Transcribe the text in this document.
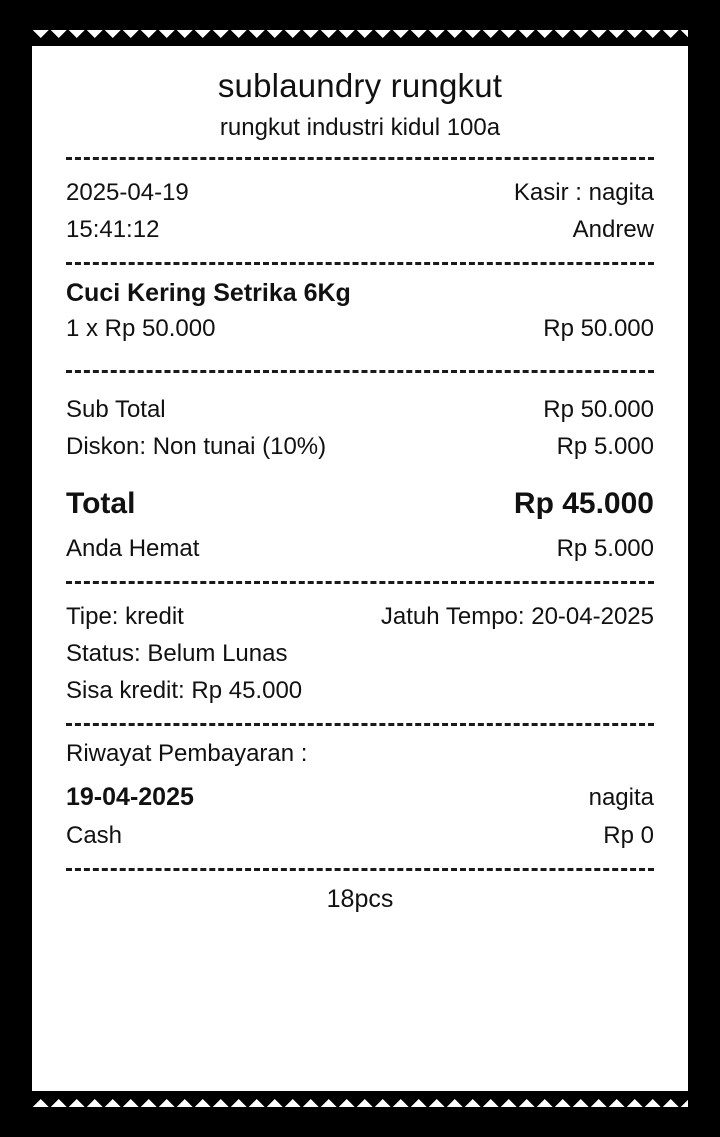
sublaundry rungkut
rungkut industri kidul 100a
2025-04-19	Kasir : nagita
15:41:12	Andrew
Cuci Kering Setrika 6Kg
1 x Rp 50.000	Rp 50.000
Sub Total	Rp 50.000
Diskon: Non tunai (10%)	Rp 5.000
Total	Rp 45.000
Anda Hemat	Rp 5.000
Tipe: kredit	Jatuh Tempo: 20-04-2025
Status: Belum Lunas
Sisa kredit: Rp 45.000
Riwayat Pembayaran :
19-04-2025	nagita
Cash	Rp 0
18pcs
